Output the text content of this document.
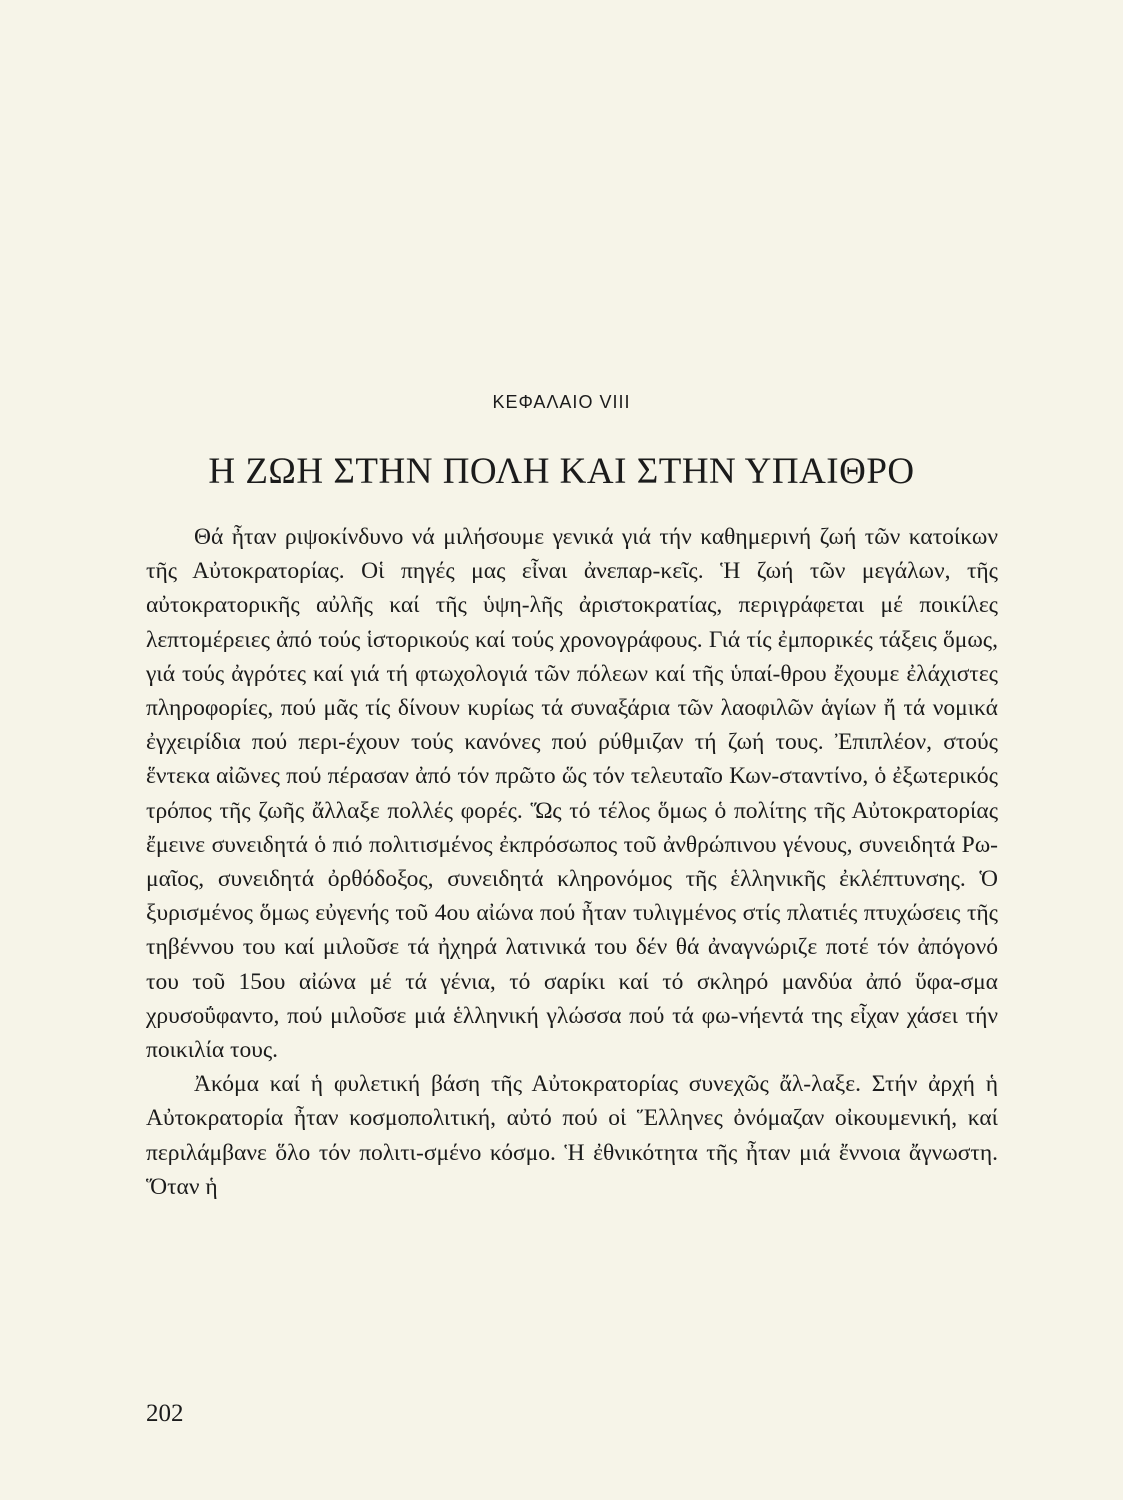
ΚΕΦΑΛΑΙΟ VIII

Η ΖΩΗ ΣΤΗΝ ΠΟΛΗ ΚΑΙ ΣΤΗΝ ΥΠΑΙΘΡΟ

Θά ἦταν ριψοκίνδυνο νά μιλήσουμε γενικά γιά τήν καθημερινή ζωή τῶν κατοίκων τῆς Αὐτοκρατορίας. Οἱ πηγές μας εἶναι ἀνεπαρ-κεῖς. Ἡ ζωή τῶν μεγάλων, τῆς αὐτοκρατορικῆς αὐλῆς καί τῆς ὑψη-λῆς ἀριστοκρατίας, περιγράφεται μέ ποικίλες λεπτομέρειες ἀπό τούς ἱστορικούς καί τούς χρονογράφους. Γιά τίς ἐμπορικές τάξεις ὅμως, γιά τούς ἀγρότες καί γιά τή φτωχολογιά τῶν πόλεων καί τῆς ὑπαί-θρου ἔχουμε ἐλάχιστες πληροφορίες, πού μᾶς τίς δίνουν κυρίως τά συναξάρια τῶν λαοφιλῶν ἁγίων ἤ τά νομικά ἐγχειρίδια πού περι-έχουν τούς κανόνες πού ρύθμιζαν τή ζωή τους. Ἐπιπλέον, στούς ἕντεκα αἰῶνες πού πέρασαν ἀπό τόν πρῶτο ὥς τόν τελευταῖο Κων-σταντίνο, ὁ ἐξωτερικός τρόπος τῆς ζωῆς ἄλλαξε πολλές φορές. Ὥς τό τέλος ὅμως ὁ πολίτης τῆς Αὐτοκρατορίας ἔμεινε συνειδητά ὁ πιό πολιτισμένος ἐκπρόσωπος τοῦ ἀνθρώπινου γένους, συνειδητά Ρω-μαῖος, συνειδητά ὀρθόδοξος, συνειδητά κληρονόμος τῆς ἑλληνικῆς ἐκλέπτυνσης. Ὁ ξυρισμένος ὅμως εὐγενής τοῦ 4ου αἰώνα πού ἦταν τυλιγμένος στίς πλατιές πτυχώσεις τῆς τηβέννου του καί μιλοῦσε τά ἠχηρά λατινικά του δέν θά ἀναγνώριζε ποτέ τόν ἀπόγονό του τοῦ 15ου αἰώνα μέ τά γένια, τό σαρίκι καί τό σκληρό μανδύα ἀπό ὕφα-σμα χρυσοΰφαντο, πού μιλοῦσε μιά ἑλληνική γλώσσα πού τά φω-νήεντά της εἶχαν χάσει τήν ποικιλία τους.

Ἀκόμα καί ἡ φυλετική βάση τῆς Αὐτοκρατορίας συνεχῶς ἄλ-λαξε. Στήν ἀρχή ἡ Αὐτοκρατορία ἦταν κοσμοπολιτική, αὐτό πού οἱ Ἕλληνες ὀνόμαζαν οἰκουμενική, καί περιλάμβανε ὅλο τόν πολιτι-σμένο κόσμο. Ἡ ἐθνικότητα τῆς ἦταν μιά ἔννοια ἄγνωστη. Ὅταν ἡ

202
